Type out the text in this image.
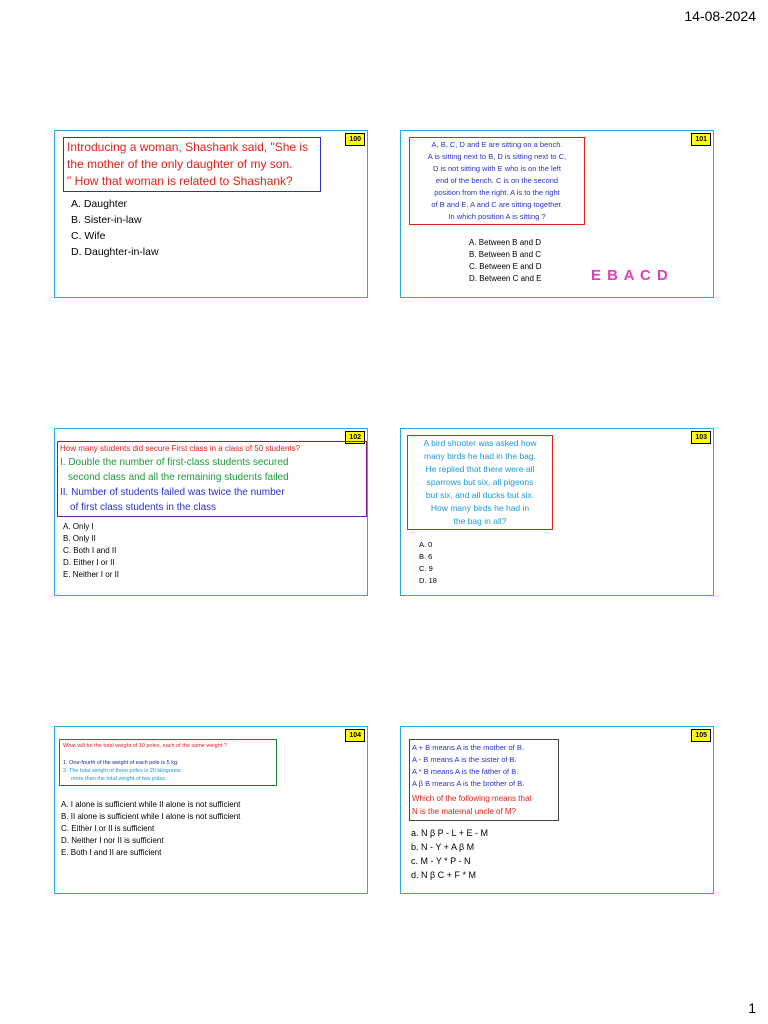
14-08-2024
100
Introducing a woman, Shashank said, "She is
the mother of the only daughter of my son.
" How that woman is related to Shashank?
A. Daughter
B. Sister-in-law
C. Wife
D. Daughter-in-law
101
A, B, C, D and E are sitting on a bench.
A is sitting next to B, D is sitting next to C,
D is not sitting with E who is on the left
end of the bench. C is on the second
position from the right. A is to the right
of B and E. A and C are sitting together.
In which position A is sitting ?
A. Between B and D
B. Between B and C
C. Between E and D
D. Between C and E	E B A C D
102
How many students did secure First class in a class of 50 students?
I. Double the number of first-class students secured
second class and all the remaining students failed
II. Number of students failed was twice the number
of first class students in the class
A. Only I
B. Only II
C. Both I and II
D. Either I or II
E. Neither I or II
103
A bird shooter was asked how
many birds he had in the bag.
He replied that there were all
sparrows but six, all pigeons
but six, and all ducks but six.
How many birds he had in
the bag in all?
A. 0
B. 6
C. 9
D. 18
104
What will be the total weight of 10 poles, each of the same weight ?
1. One-fourth of the weight of each pole is 5 kg.
2. The total weight of three poles is 20 kilograms
more than the total weight of two poles.
A. I alone is sufficient while II alone is not sufficient
B. II alone is sufficient while I alone is not sufficient
C. Either I or II is sufficient
D. Neither I nor II is sufficient
E. Both I and II are sufficient
105
A + B means A is the mother of B.
A - B means A is the sister of B.
A * B means A is the father of B.
A β B means A is the brother of B.
Which of the following means that
N is the maternal uncle of M?
a. N β P - L + E - M
b. N - Y + A β M
c. M - Y * P - N
d. N β C + F * M
1
